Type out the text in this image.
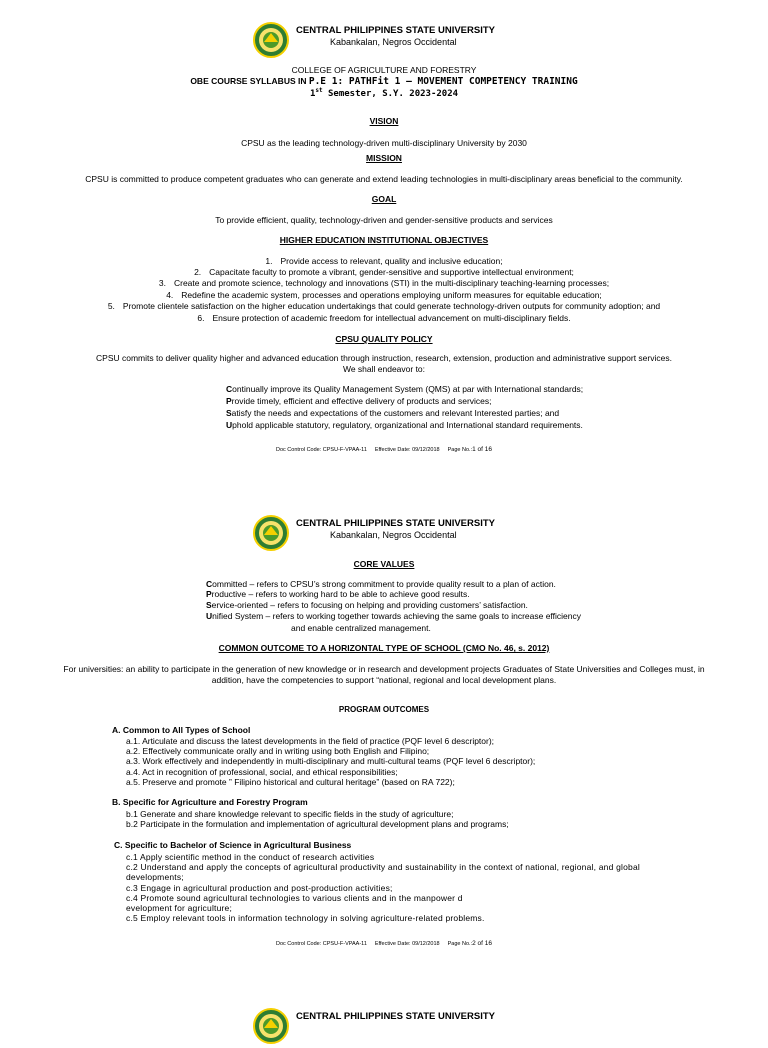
CENTRAL PHILIPPINES STATE UNIVERSITY
Kabankalan, Negros Occidental
COLLEGE OF AGRICULTURE AND FORESTRY
OBE COURSE SYLLABUS IN P.E 1: PATHFit 1 – MOVEMENT COMPETENCY TRAINING
1st Semester, S.Y. 2023-2024
VISION
CPSU as the leading technology-driven multi-disciplinary University by 2030
MISSION
CPSU is committed to produce competent graduates who can generate and extend leading technologies in multi-disciplinary areas beneficial to the community.
GOAL
To provide efficient, quality, technology-driven and gender-sensitive products and services
HIGHER EDUCATION INSTITUTIONAL OBJECTIVES
1. Provide access to relevant, quality and inclusive education;
2. Capacitate faculty to promote a vibrant, gender-sensitive and supportive intellectual environment;
3. Create and promote science, technology and innovations (STI) in the multi-disciplinary teaching-learning processes;
4. Redefine the academic system, processes and operations employing uniform measures for equitable education;
5. Promote clientele satisfaction on the higher education undertakings that could generate technology-driven outputs for community adoption; and
6. Ensure protection of academic freedom for intellectual advancement on multi-disciplinary fields.
CPSU QUALITY POLICY
CPSU commits to deliver quality higher and advanced education through instruction, research, extension, production and administrative support services.
We shall endeavor to:
Continually improve its Quality Management System (QMS) at par with International standards;
Provide timely, efficient and effective delivery of products and services;
Satisfy the needs and expectations of the customers and relevant Interested parties; and
Uphold applicable statutory, regulatory, organizational and International standard requirements.
Doc Control Code: CPSU-F-VPAA-11 Effective Date: 09/12/2018 Page No.:1 of 16
CENTRAL PHILIPPINES STATE UNIVERSITY
Kabankalan, Negros Occidental
CORE VALUES
Committed – refers to CPSU’s strong commitment to provide quality result to a plan of action.
Productive – refers to working hard to be able to achieve good results.
Service-oriented – refers to focusing on helping and providing customers’ satisfaction.
Unified System – refers to working together towards achieving the same goals to increase efficiency
and enable centralized management.
COMMON OUTCOME TO A HORIZONTAL TYPE OF SCHOOL (CMO No. 46, s. 2012)
For universities: an ability to participate in the generation of new knowledge or in research and development projects Graduates of State Universities and Colleges must, in
addition, have the competencies to support “national, regional and local development plans.
PROGRAM OUTCOMES
A. Common to All Types of School
a.1. Articulate and discuss the latest developments in the field of practice (PQF level 6 descriptor);
a.2. Effectively communicate orally and in writing using both English and Filipino;
a.3. Work effectively and independently in multi-disciplinary and multi-cultural teams (PQF level 6 descriptor);
a.4. Act in recognition of professional, social, and ethical responsibilities;
a.5. Preserve and promote ” Filipino historical and cultural heritage” (based on RA 722);
B. Specific for Agriculture and Forestry Program
b.1 Generate and share knowledge relevant to specific fields in the study of agriculture;
b.2 Participate in the formulation and implementation of agricultural development plans and programs;
C. Specific to Bachelor of Science in Agricultural Business
c.1 Apply scientific method in the conduct of research activities
c.2 Understand and apply the concepts of agricultural productivity and sustainability in the context of national, regional, and global
developments;
c.3 Engage in agricultural production and post-production activities;
c.4 Promote sound agricultural technologies to various clients and in the manpower d
evelopment for agriculture;
c.5 Employ relevant tools in information technology in solving agriculture-related problems.
Doc Control Code: CPSU-F-VPAA-11 Effective Date: 09/12/2018 Page No.:2 of 16
CENTRAL PHILIPPINES STATE UNIVERSITY
